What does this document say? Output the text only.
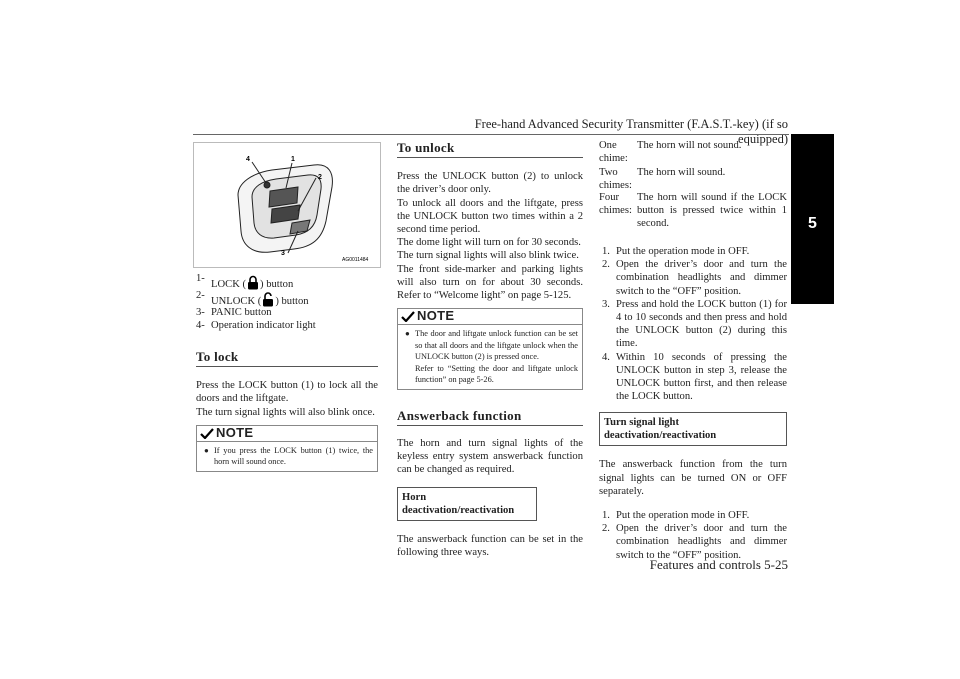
Free-hand Advanced Security Transmitter (F.A.S.T.-key) (if so equipped)
5
4	1
2
3
AG0011484
1-
LOCK ( ) button
2-
UNLOCK ( ) button
3- PANIC button
4- Operation indicator light
To lock

Press the LOCK button (1) to lock all the doors and the liftgate.

The turn signal lights will also blink once.

NOTE
● If you press the LOCK button (1) twice, the horn will sound once.
To unlock

Press the UNLOCK button (2) to unlock the driver’s door only.

To unlock all doors and the liftgate, press the UNLOCK button two times within a 2 second time period.

The dome light will turn on for 30 seconds.

The turn signal lights will also blink twice.

The front side-marker and parking lights will also turn on for about 30 seconds. Refer to “Welcome light” on page 5-125.

NOTE
● The door and liftgate unlock function can be set so that all doors and the liftgate unlock when the UNLOCK button (2) is pressed once.
Refer to “Setting the door and liftgate unlock function” on page 5-26.
Answerback function

The horn and turn signal lights of the keyless entry system answerback function can be changed as required.

Horn deactivation/reactivation

The answerback function can be set in the following three ways.

One chime:
The horn will not sound.
Two chimes:
The horn will sound.
Four chimes:
The horn will sound if the LOCK button is pressed twice within 1 second.
1. Put the operation mode in OFF.
2. Open the driver’s door and turn the combination headlights and dimmer switch to the “OFF” position.
3. Press and hold the LOCK button (1) for 4 to 10 seconds and then press and hold the UNLOCK button (2) during this time.
4. Within 10 seconds of pressing the UNLOCK button in step 3, release the UNLOCK button first, and then release the LOCK button.
Turn signal light deactivation/reactivation

The answerback function from the turn signal lights can be turned ON or OFF separately.

1. Put the operation mode in OFF.
2. Open the driver’s door and turn the combination headlights and dimmer switch to the “OFF” position.
Features and controls 5-25
